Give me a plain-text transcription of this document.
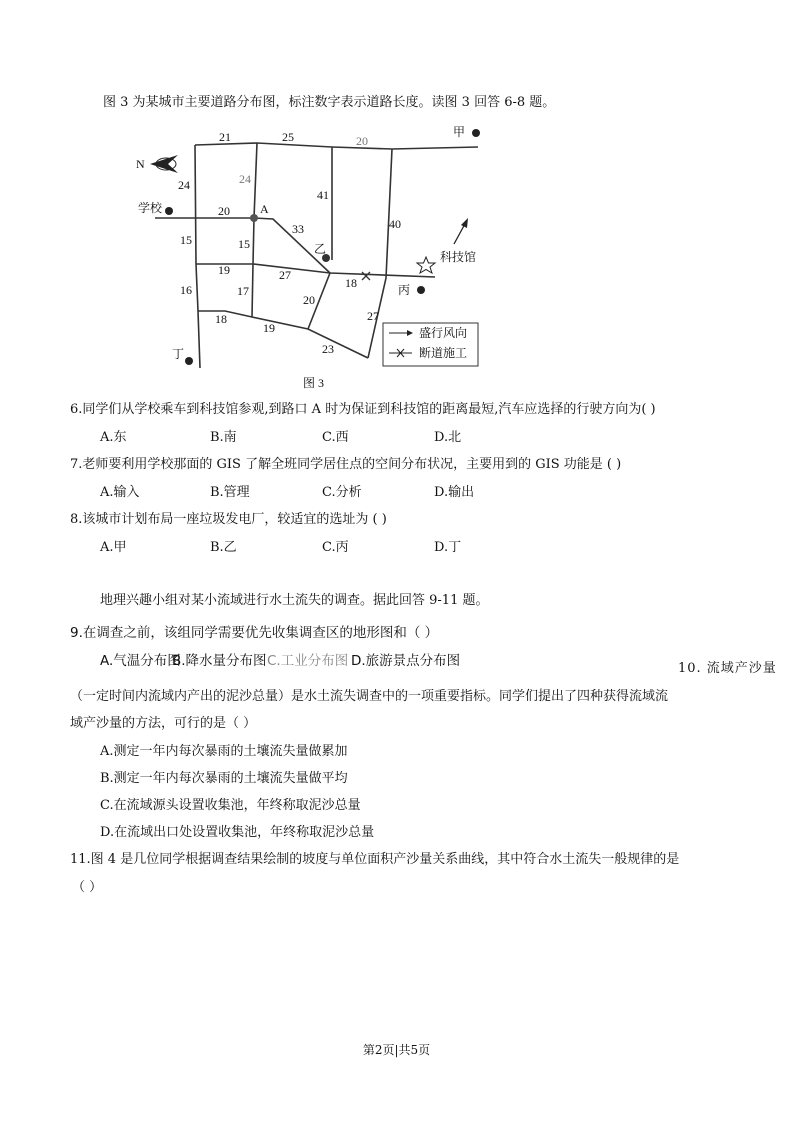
图 3 为某城市主要道路分布图，标注数字表示道路长度。读图 3 回答 6-8 题。
N
甲
学校	A
乙
科技馆
丙
丁
21	25	20
24	24
41
20
40
15	15
33
19	27
18
16	17
20
18
19
27
23
盛行风向
断道施工
图 3
6.同学们从学校乘车到科技馆参观,到路口 A 时为保证到科技馆的距离最短,汽车应选择的行驶方向为( )
A.东	B.南	C.西	D.北
7.老师要利用学校那面的 GIS 了解全班同学居住点的空间分布状况，主要用到的 GIS 功能是 ( )
A.输入	B.管理	C.分析	D.输出
8.该城市计划布局一座垃圾发电厂，较适宜的选址为 ( )
A.甲	B.乙	C.丙	D.丁
地理兴趣小组对某小流域进行水土流失的调查。据此回答 9-11 题。
9.在调查之前，该组同学需要优先收集调查区的地形图和（ ）
A.气温分布图
B.降水量分布图 C.工业分布图 D.旅游景点分布图	10. 流域产沙量
（一定时间内流域内产出的泥沙总量）是水土流失调查中的一项重要指标。同学们提出了四种获得流域流
域产沙量的方法，可行的是（ ）
A.测定一年内每次暴雨的土壤流失量做累加
B.测定一年内每次暴雨的土壤流失量做平均
C.在流域源头设置收集池，年终称取泥沙总量
D.在流域出口处设置收集池，年终称取泥沙总量
11.图 4 是几位同学根据调查结果绘制的坡度与单位面积产沙量关系曲线，其中符合水土流失一般规律的是
（ ）
第2页|共5页
